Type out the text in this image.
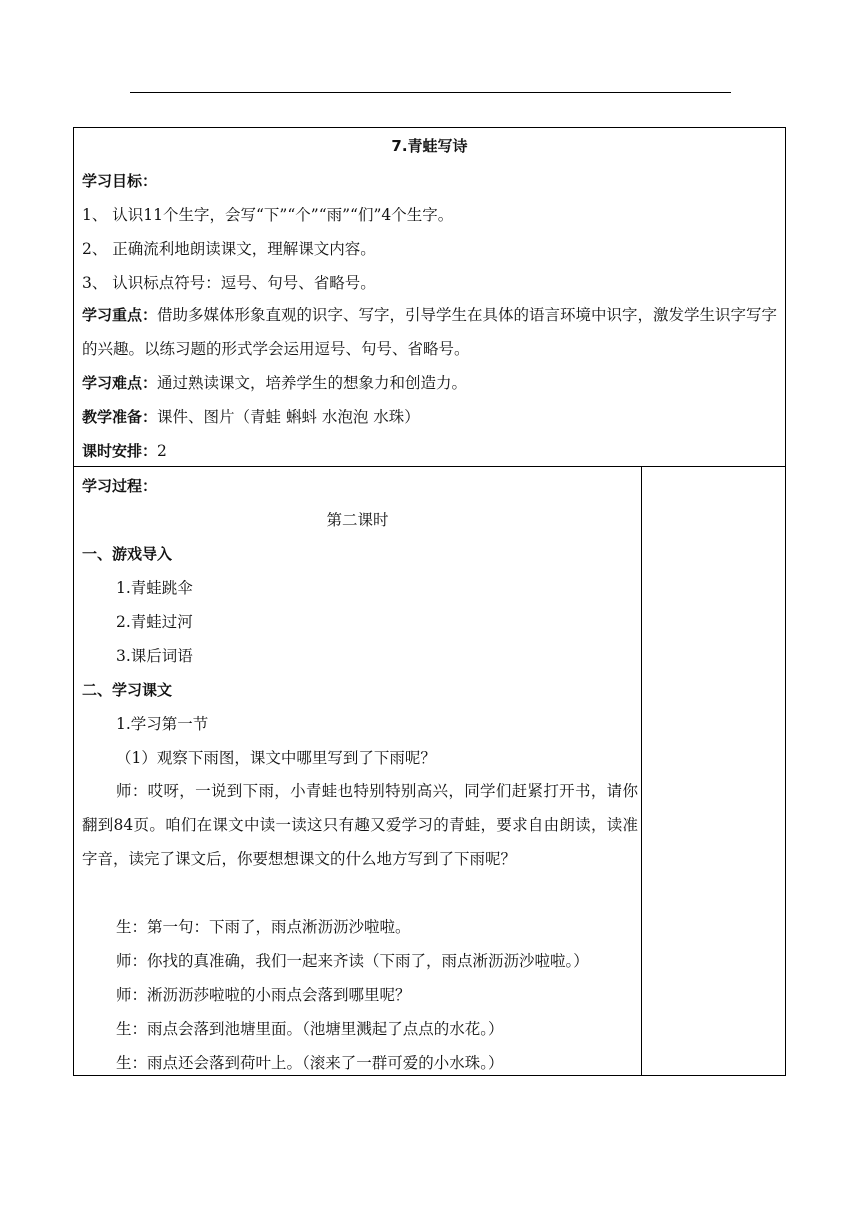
7.青蛙写诗
学习目标：
1、 认识11个生字，会写“下”“个”“雨”“们”4个生字。
2、 正确流利地朗读课文，理解课文内容。
3、 认识标点符号：逗号、句号、省略号。
学习重点：借助多媒体形象直观的识字、写字，引导学生在具体的语言环境中识字，激发学生识字写字的兴趣。以练习题的形式学会运用逗号、句号、省略号。
学习难点：通过熟读课文，培养学生的想象力和创造力。
教学准备：课件、图片（青蛙 蝌蚪 水泡泡 水珠）
课时安排：2
学习过程：
第二课时
一、游戏导入
1.青蛙跳伞
2.青蛙过河
3.课后词语
二、学习课文
1.学习第一节
（1）观察下雨图，课文中哪里写到了下雨呢？
师：哎呀，一说到下雨，小青蛙也特别特别高兴，同学们赶紧打开书，请你翻到84页。咱们在课文中读一读这只有趣又爱学习的青蛙，要求自由朗读，读准字音，读完了课文后，你要想想课文的什么地方写到了下雨呢？
生：第一句：下雨了，雨点淅沥沥沙啦啦。
师：你找的真准确，我们一起来齐读（下雨了，雨点淅沥沥沙啦啦。）
师：淅沥沥莎啦啦的小雨点会落到哪里呢？
生：雨点会落到池塘里面。（池塘里溅起了点点的水花。）
生：雨点还会落到荷叶上。（滚来了一群可爱的小水珠。）
